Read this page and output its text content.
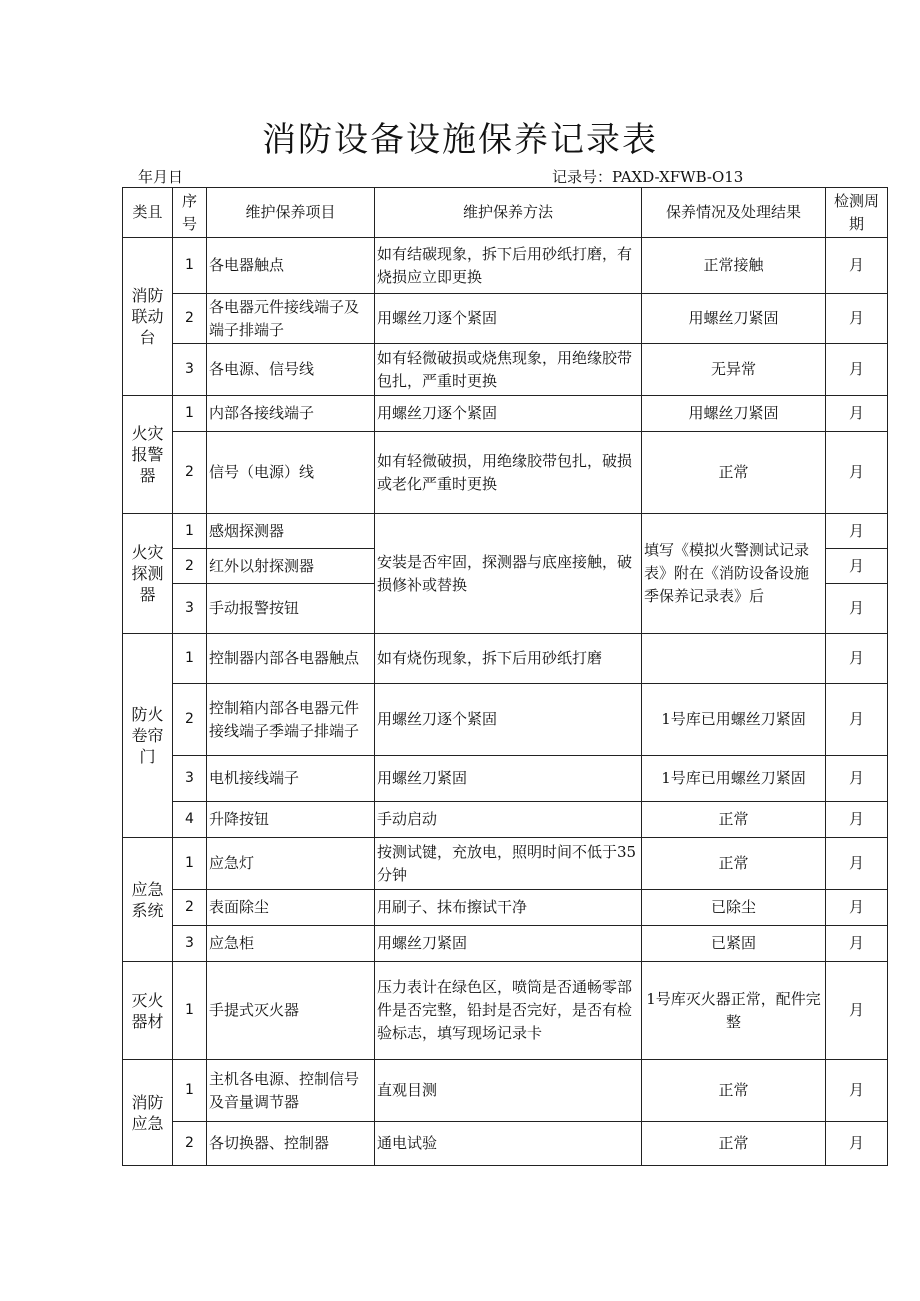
消防设备设施保养记录表
年月日	记录号：PAXD-XFWB-O13
类且	序号	维护保养项目	维护保养方法	保养情况及处理结果	检测周期
消防联动台	1	各电器触点	如有结碳现象，拆下后用砂纸打磨，有烧损应立即更换	正常接触	月
	2	各电器元件接线端子及端子排端子	用螺丝刀逐个紧固	用螺丝刀紧固	月
	3	各电源、信号线	如有轻微破损或烧焦现象，用绝缘胶带包扎，严重时更换	无异常	月
火灾报警器	1	内部各接线端子	用螺丝刀逐个紧固	用螺丝刀紧固	月
	2	信号（电源）线	如有轻微破损，用绝缘胶带包扎，破损或老化严重时更换	正常	月
火灾探测器	1	感烟探测器	安装是否牢固，探测器与底座接触，破损修补或替换	填写《模拟火警测试记录表》附在《消防设备设施季保养记录表》后	月
	2	红外以射探测器			月
	3	手动报警按钮			月
防火卷帘门	1	控制器内部各电器触点	如有烧伤现象，拆下后用砂纸打磨		月
	2	控制箱内部各电器元件接线端子季端子排端子	用螺丝刀逐个紧固	1号库已用螺丝刀紧固	月
	3	电机接线端子	用螺丝刀紧固	1号库已用螺丝刀紧固	月
	4	升降按钮	手动启动	正常	月
应急系统	1	应急灯	按测试键，充放电，照明时间不低于35分钟	正常	月
	2	表面除尘	用刷子、抹布擦试干净	已除尘	月
	3	应急柜	用螺丝刀紧固	已紧固	月
灭火器材	1	手提式灭火器	压力表计在绿色区，喷筒是否通畅零部件是否完整，铅封是否完好，是否有检验标志，填写现场记录卡	1号库灭火器正常，配件完整	月
消防应急	1	主机各电源、控制信号及音量调节器	直观目测	正常	月
	2	各切换器、控制器	通电试验	正常	月
